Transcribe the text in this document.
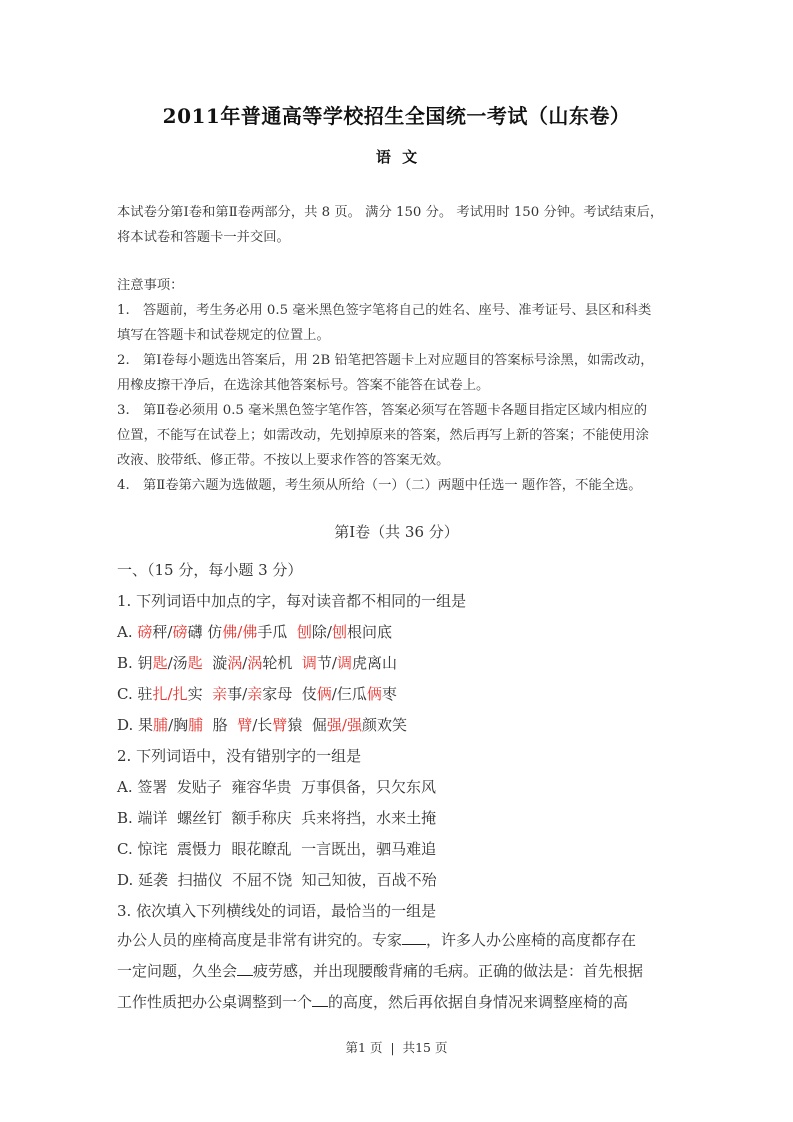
2011年普通高等学校招生全国统一考试（山东卷）
语 文
本试卷分第Ⅰ卷和第Ⅱ卷两部分，共 8 页。 满分 150 分。 考试用时 150 分钟。考试结束后，
将本试卷和答题卡一并交回。
注意事项：
1.　答题前，考生务必用 0.5 毫米黑色签字笔将自己的姓名、座号、准考证号、县区和科类
填写在答题卡和试卷规定的位置上。
2.　第Ⅰ卷每小题选出答案后，用 2B 铅笔把答题卡上对应题目的答案标号涂黑，如需改动，
用橡皮擦干净后，在选涂其他答案标号。答案不能答在试卷上。
3.　第Ⅱ卷必须用 0.5 毫米黑色签字笔作答，答案必须写在答题卡各题目指定区域内相应的
位置，不能写在试卷上；如需改动，先划掉原来的答案，然后再写上新的答案；不能使用涂
改液、胶带纸、修正带。不按以上要求作答的答案无效。
4.　第Ⅱ卷第六题为选做题，考生须从所给（一）（二）两题中任选一 题作答，不能全选。
第Ⅰ卷（共 36 分）
一、（15 分，每小题 3 分）
1. 下列词语中加点的字，每对读音都不相同的一组是
A. 磅秤/磅礴 仿佛/佛手瓜  刨除/刨根问底
B. 钥匙/汤匙  漩涡/涡轮机  调节/调虎离山
C. 驻扎/扎实  亲事/亲家母  伎俩/仨瓜俩枣
D. 果脯/胸脯  胳  臂/长臂猿  倔强/强颜欢笑
2. 下列词语中，没有错别字的一组是
A. 签署  发贴子  雍容华贵  万事俱备，只欠东风
B. 端详  螺丝钉  额手称庆  兵来将挡，水来土掩
C. 惊诧  震慑力  眼花瞭乱  一言既出，驷马难追
D. 延袭  扫描仪  不屈不饶  知己知彼，百战不殆
3. 依次填入下列横线处的词语，最恰当的一组是
办公人员的座椅高度是非常有讲究的。专家 ，许多人办公座椅的高度都存在
一定问题，久坐会 疲劳感，并出现腰酸背痛的毛病。正确的做法是：首先根据
工作性质把办公桌调整到一个 的高度，然后再依据自身情况来调整座椅的高
第1 页  |  共15 页
